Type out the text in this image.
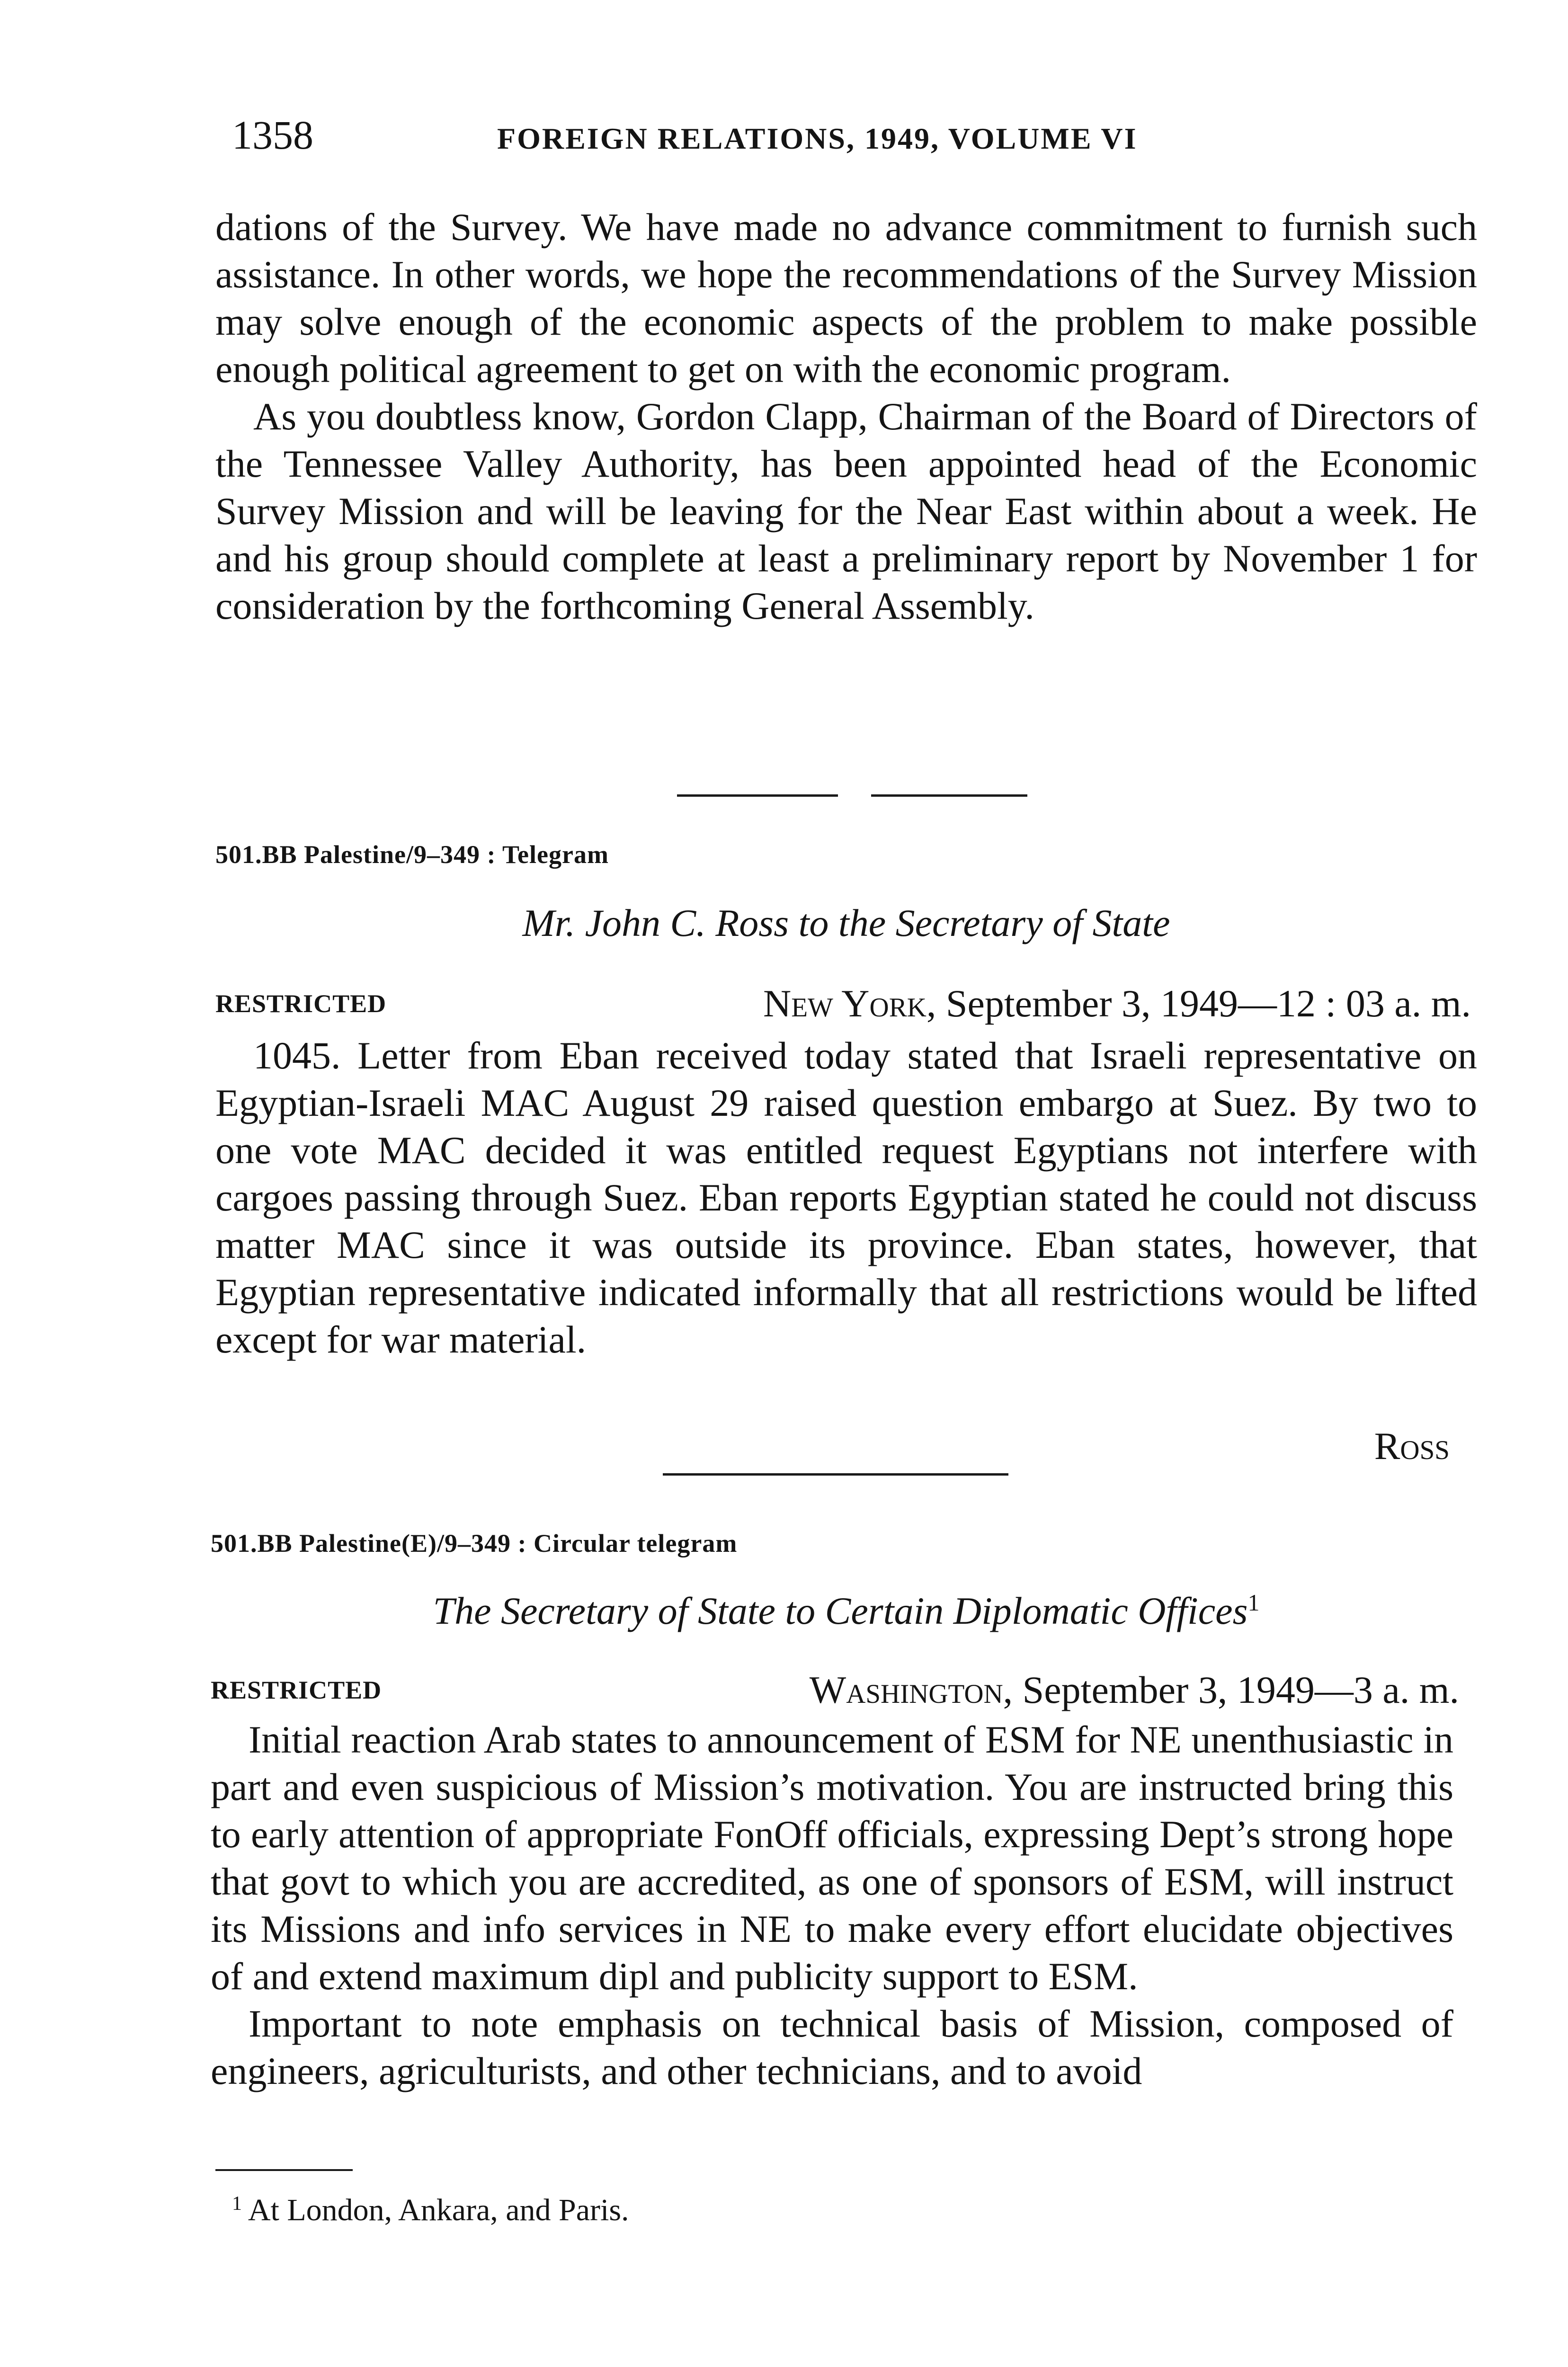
1358	FOREIGN RELATIONS, 1949, VOLUME VI

dations of the Survey. We have made no advance commitment to furnish such assistance. In other words, we hope the recommendations of the Survey Mission may solve enough of the economic aspects of the problem to make possible enough political agreement to get on with the economic program.

As you doubtless know, Gordon Clapp, Chairman of the Board of Directors of the Tennessee Valley Authority, has been appointed head of the Economic Survey Mission and will be leaving for the Near East within about a week. He and his group should complete at least a preliminary report by November 1 for consideration by the forthcoming General Assembly.

501.BB Palestine/9–349 : Telegram
Mr. John C. Ross to the Secretary of State
RESTRICTED	New York, September 3, 1949—12 : 03 a. m.

1045. Letter from Eban received today stated that Israeli representative on Egyptian-Israeli MAC August 29 raised question embargo at Suez. By two to one vote MAC decided it was entitled request Egyptians not interfere with cargoes passing through Suez. Eban reports Egyptian stated he could not discuss matter MAC since it was outside its province. Eban states, however, that Egyptian representative indicated informally that all restrictions would be lifted except for war material.

Ross
501.BB Palestine(E)/9–349 : Circular telegram
The Secretary of State to Certain Diplomatic Offices$^1$
RESTRICTED	Washington, September 3, 1949—3 a. m.

Initial reaction Arab states to announcement of ESM for NE unenthusiastic in part and even suspicious of Mission’s motivation. You are instructed bring this to early attention of appropriate FonOff officials, expressing Dept’s strong hope that govt to which you are accredited, as one of sponsors of ESM, will instruct its Missions and info services in NE to make every effort elucidate objectives of and extend maximum dipl and publicity support to ESM.

Important to note emphasis on technical basis of Mission, composed of engineers, agriculturists, and other technicians, and to avoid

$^1$ At London, Ankara, and Paris.
